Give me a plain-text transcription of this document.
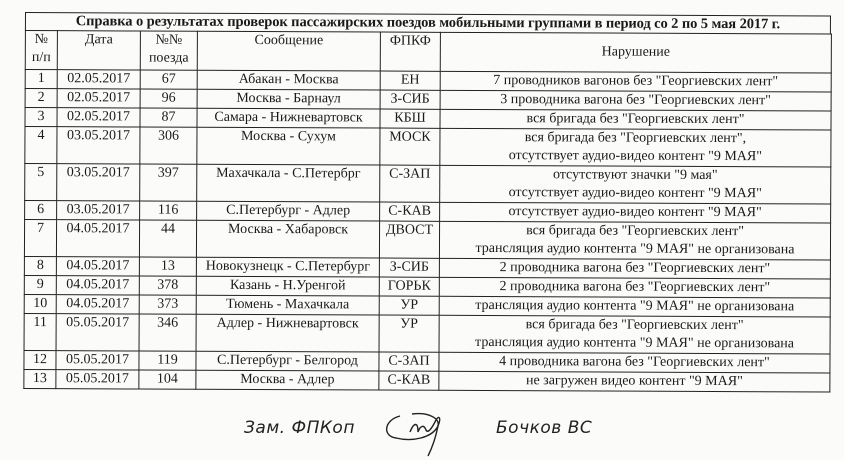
Справка о результатах проверок пассажирских поездов мобильными группами в период со 2 по 5 мая 2017 г.
№ п/п	Дата	№№ поезда	Сообщение	ФПКФ	Нарушение
1	02.05.2017	67	Абакан - Москва	ЕН	7 проводников вагонов без "Георгиевских лент"

2	02.05.2017	96	Москва - Барнаул	З-СИБ	3 проводника вагона без "Георгиевских лент"

3	02.05.2017	87	Самара - Нижневартовск	КБШ	вся бригада без "Георгиевских лент"

4	03.05.2017	306	Москва - Сухум	МОСК	вся бригада без "Георгиевских лент",
отсутствует аудио-видео контент "9 МАЯ"

5	03.05.2017	397	Махачкала - С.Петербрг	С-ЗАП	отсутствуют значки "9 мая"
отсутствует аудио-видео контент "9 МАЯ"

6	03.05.2017	116	С.Петербург - Адлер	С-КАВ	отсутствует аудио-видео контент "9 МАЯ"

7	04.05.2017	44	Москва - Хабаровск	ДВОСТ	вся бригада без "Георгиевских лент"
трансляция аудио контента "9 МАЯ" не организована

8	04.05.2017	13	Новокузнецк - С.Петербург	З-СИБ	2 проводника вагона без "Георгиевских лент"

9	04.05.2017	378	Казань - Н.Уренгой	ГОРЬК	2 проводника вагона без "Георгиевских лент"

10	04.05.2017	373	Тюмень - Махачкала	УР	трансляция аудио контента "9 МАЯ" не организована

11	05.05.2017	346	Адлер - Нижневартовск	УР	вся бригада без "Георгиевских лент"
трансляция аудио контента "9 МАЯ" не организована

12	05.05.2017	119	С.Петербург - Белгород	С-ЗАП	4 проводника вагона без "Георгиевских лент"

13	05.05.2017	104	Москва - Адлер	С-КАВ	не загружен видео контент "9 МАЯ"
Зам. ФПКоп	Бочков ВС
